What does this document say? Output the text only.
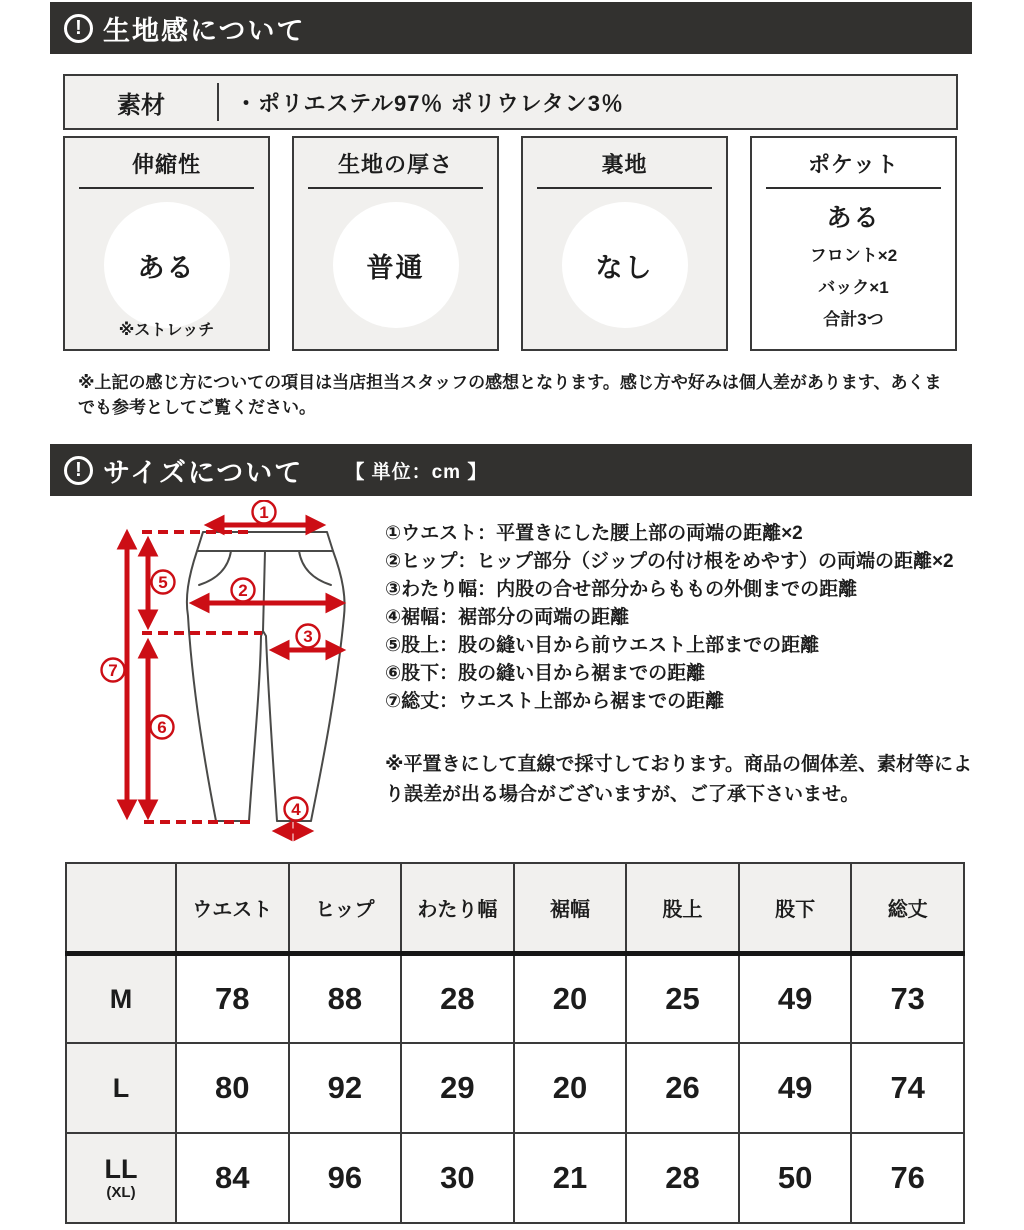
! 生地感について
素材	・ポリエステル97％ ポリウレタン3％
伸縮性
ある
※ストレッチ
生地の厚さ
普通
裏地
なし
ポケット
ある
フロント×2
バック×1
合計3つ
※上記の感じ方についての項目は当店担当スタッフの感想となります。感じ方や好みは個人差があります、あくまでも参考としてご覧ください。
! サイズについて 【 単位：cm 】
1
2
3
4
5
6
7
①ウエスト：平置きにした腰上部の両端の距離×2
②ヒップ：ヒップ部分（ジップの付け根をめやす）の両端の距離×2
③わたり幅：内股の合せ部分からももの外側までの距離
④裾幅：裾部分の両端の距離
⑤股上：股の縫い目から前ウエスト上部までの距離
⑥股下：股の縫い目から裾までの距離
⑦総丈：ウエスト上部から裾までの距離
※平置きにして直線で採寸しております。商品の個体差、素材等により誤差が出る場合がございますが、ご了承下さいませ。
	ウエスト	ヒップ	わたり幅	裾幅	股上	股下	総丈
M	78	88	28	20	25	49	73
L	80	92	29	20	26	49	74
LL
(XL)	84	96	30	21	28	50	76
